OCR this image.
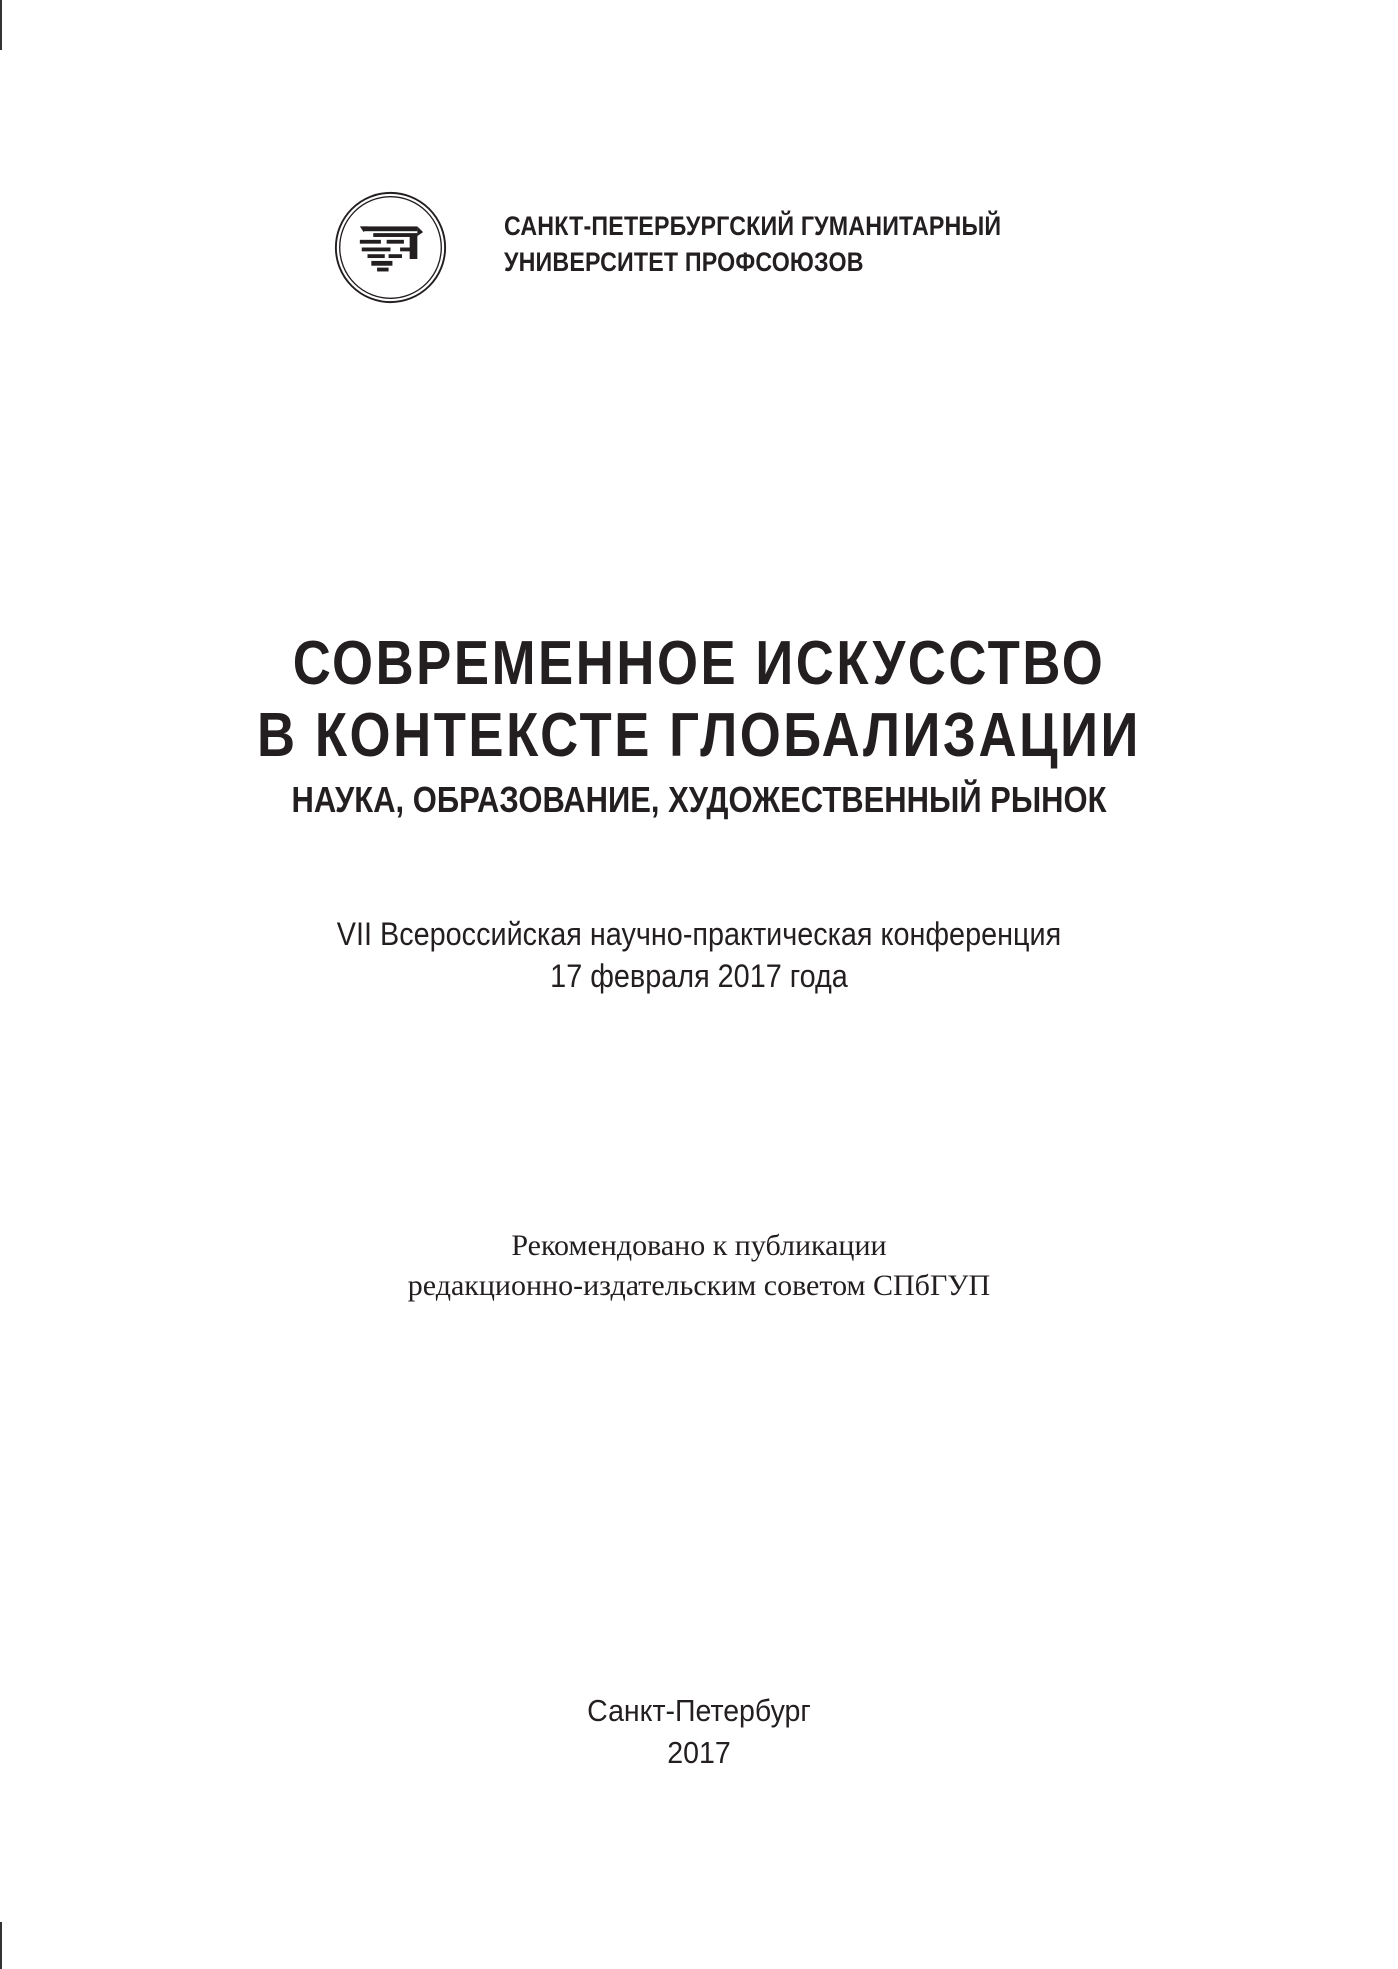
САНКТ-ПЕТЕРБУРГСКИЙ ГУМАНИТАРНЫЙ
УНИВЕРСИТЕТ ПРОФСОЮЗОВ
СОВРЕМЕННОЕ ИСКУССТВО
В КОНТЕКСТЕ ГЛОБАЛИЗАЦИИ
НАУКА, ОБРАЗОВАНИЕ, ХУДОЖЕСТВЕННЫЙ РЫНОК
VII Всероссийская научно-практическая конференция
17 февраля 2017 года
Рекомендовано к публикации
редакционно-издательским советом СПбГУП
Санкт-Петербург
2017
